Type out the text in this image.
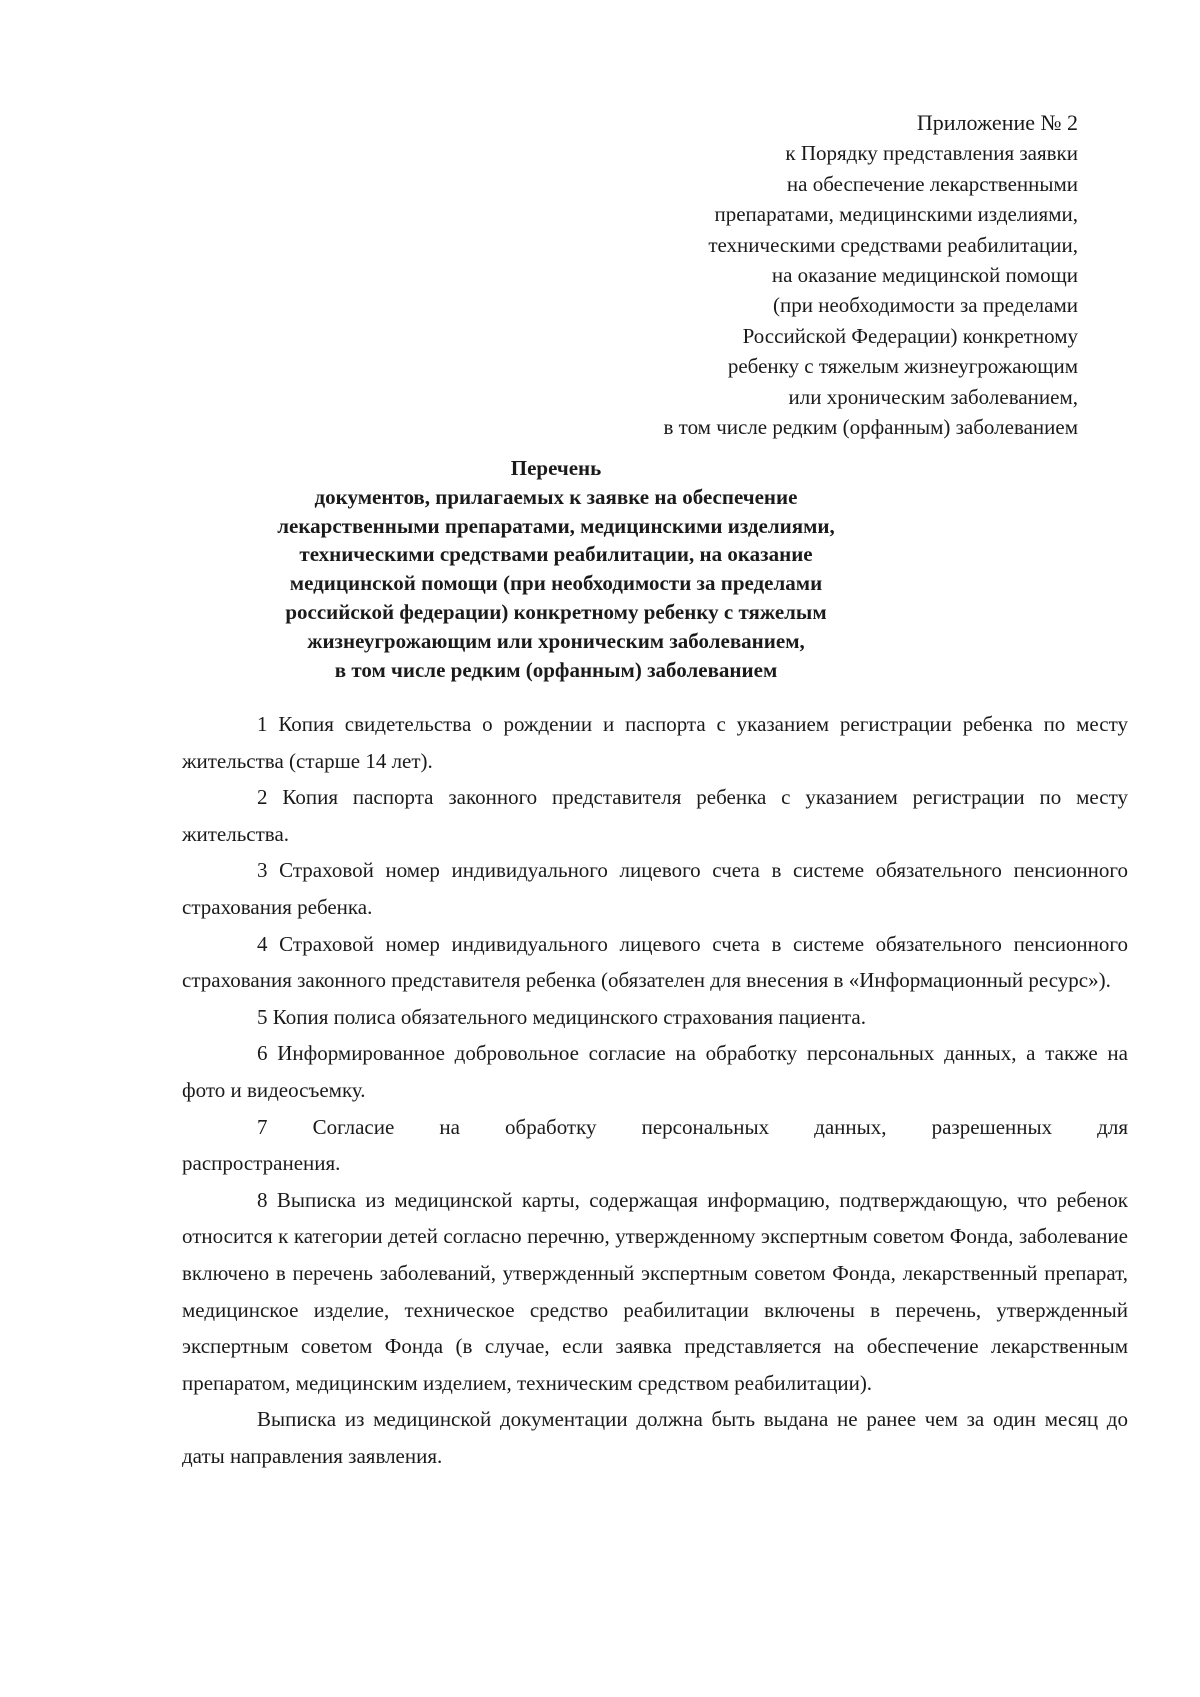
Приложение № 2
к Порядку представления заявки
на обеспечение лекарственными
препаратами, медицинскими изделиями,
техническими средствами реабилитации,
на оказание медицинской помощи
(при необходимости за пределами
Российской Федерации) конкретному
ребенку с тяжелым жизнеугрожающим
или хроническим заболеванием,
в том числе редким (орфанным) заболеванием
Перечень
документов, прилагаемых к заявке на обеспечение
лекарственными препаратами, медицинскими изделиями,
техническими средствами реабилитации, на оказание
медицинской помощи (при необходимости за пределами
российской федерации) конкретному ребенку с тяжелым
жизнеугрожающим или хроническим заболеванием,
в том числе редким (орфанным) заболеванием

1 Копия свидетельства о рождении и паспорта с указанием регистрации ребенка по месту жительства (старше 14 лет).

2 Копия паспорта законного представителя ребенка с указанием регистрации по месту жительства.

3 Страховой номер индивидуального лицевого счета в системе обязательного пенсионного страхования ребенка.

4 Страховой номер индивидуального лицевого счета в системе обязательного пенсионного страхования законного представителя ребенка (обязателен для внесения в «Информационный ресурс»).

5 Копия полиса обязательного медицинского страхования пациента.

6 Информированное добровольное согласие на обработку персональных данных, а также на фото и видеосъемку.

7 Согласие на обработку персональных данных, разрешенных для

распространения.

8 Выписка из медицинской карты, содержащая информацию, подтверждающую, что ребенок относится к категории детей согласно перечню, утвержденному экспертным советом Фонда, заболевание включено в перечень заболеваний, утвержденный экспертным советом Фонда, лекарственный препарат, медицинское изделие, техническое средство реабилитации включены в перечень, утвержденный экспертным советом Фонда (в случае, если заявка представляется на обеспечение лекарственным препаратом, медицинским изделием, техническим средством реабилитации).

Выписка из медицинской документации должна быть выдана не ранее чем за один месяц до даты направления заявления.
